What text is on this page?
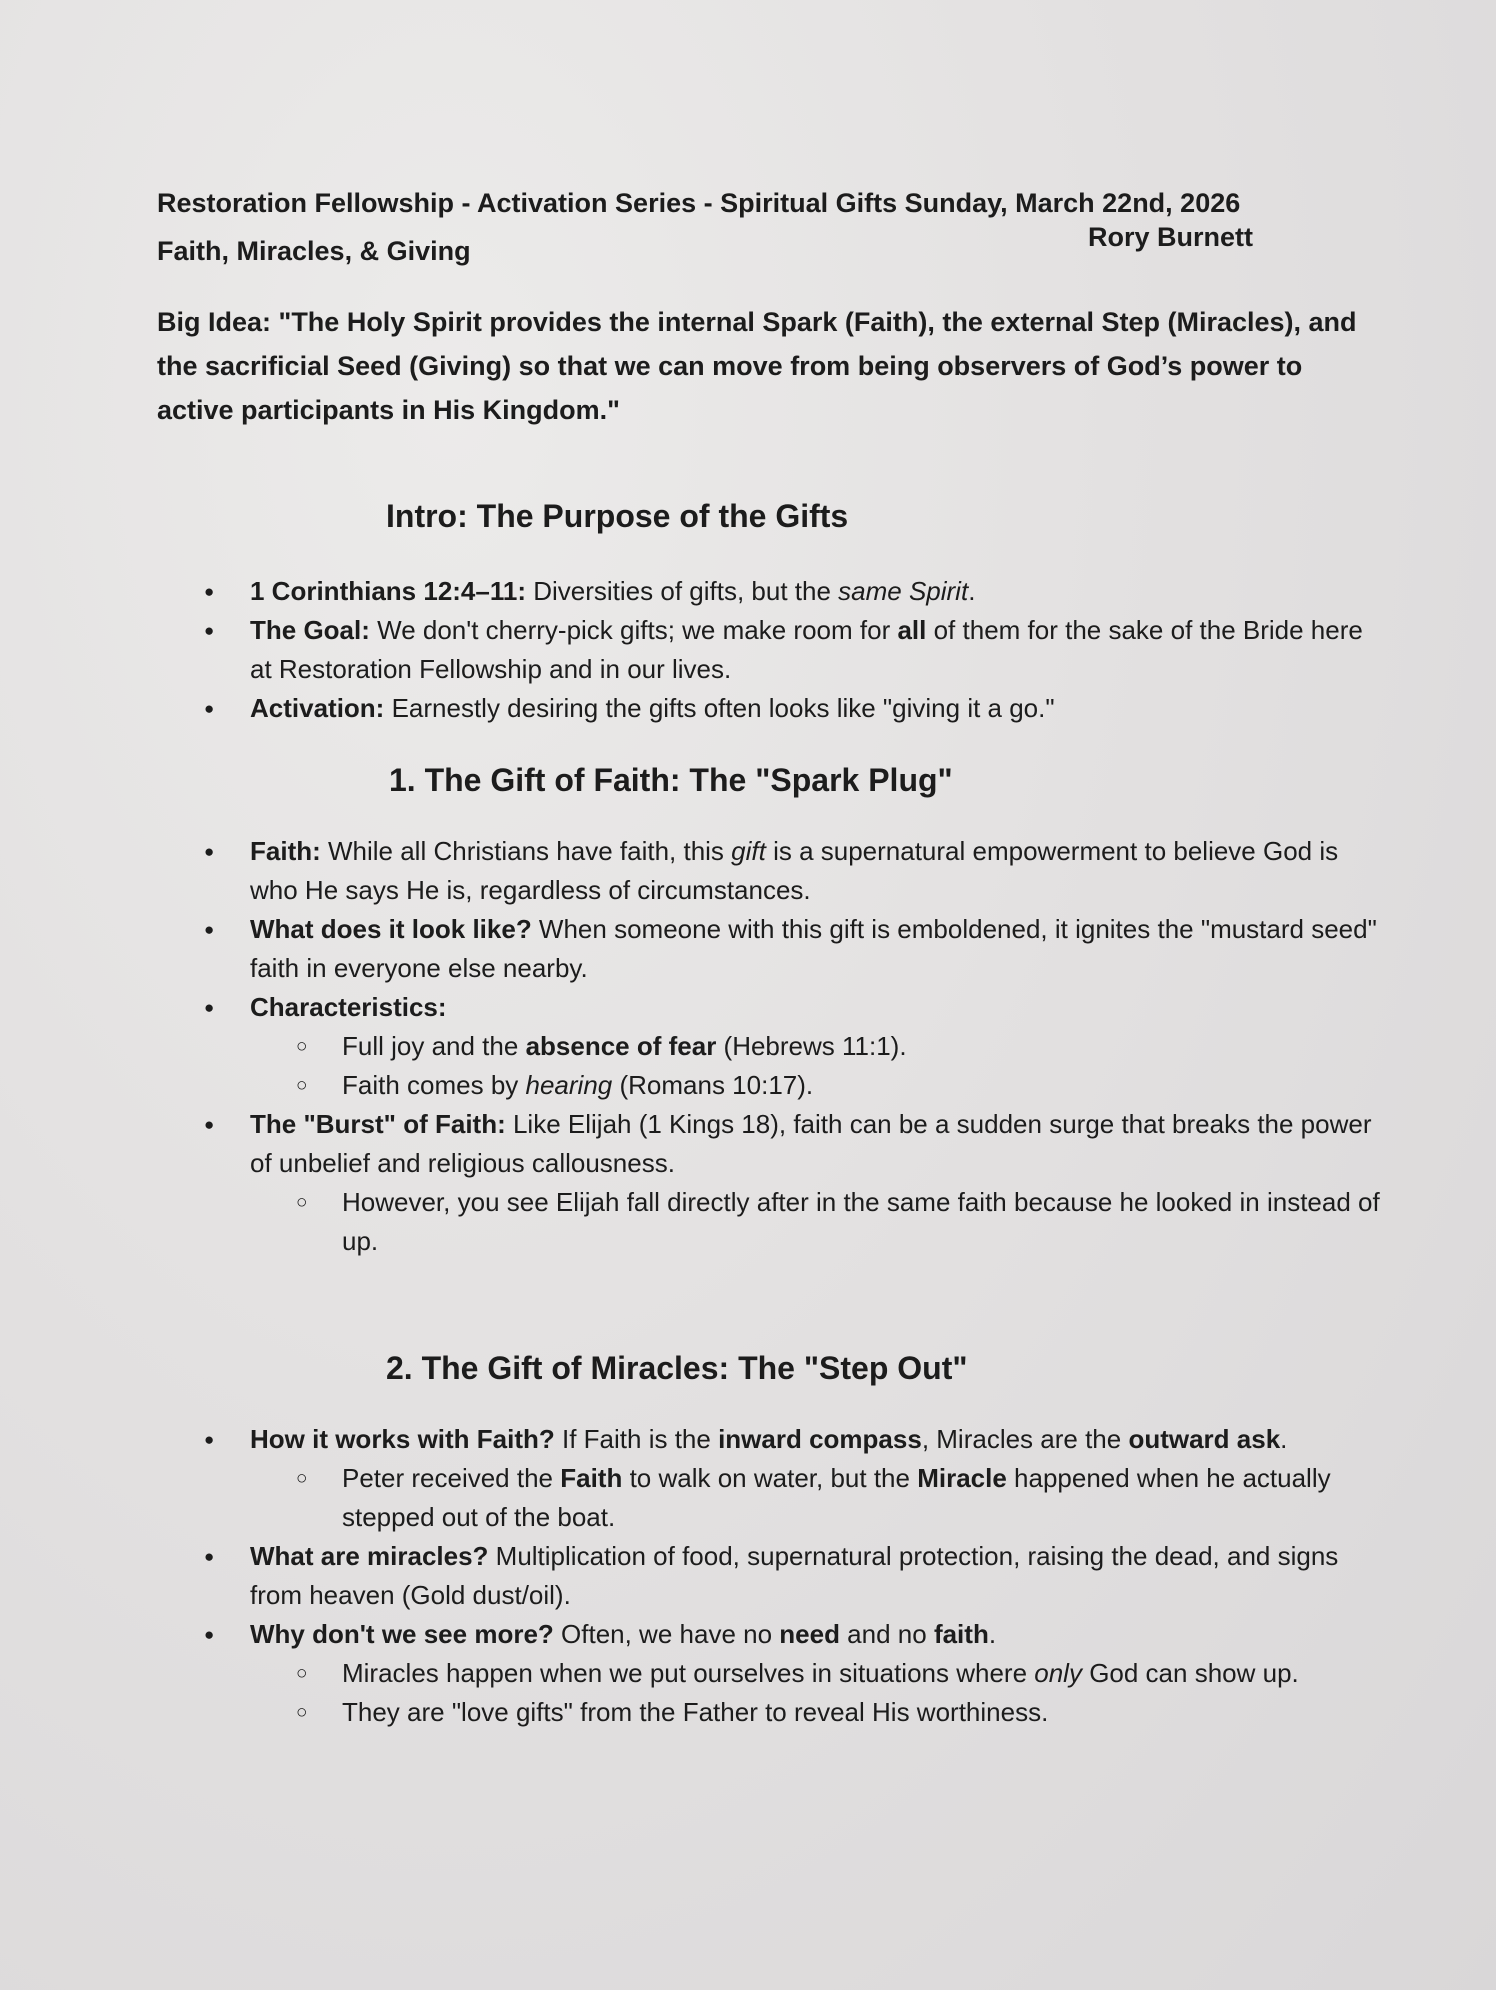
Restoration Fellowship - Activation Series - Spiritual Gifts Sunday, March 22nd, 2026
Faith, Miracles, & Giving	Rory Burnett
Big Idea: "The Holy Spirit provides the internal Spark (Faith), the external Step (Miracles), and the sacrificial Seed (Giving) so that we can move from being observers of God’s power to active participants in His Kingdom."
Intro: The Purpose of the Gifts
● 1 Corinthians 12:4–11: Diversities of gifts, but the same Spirit.
● The Goal: We don't cherry-pick gifts; we make room for all of them for the sake of the Bride here at Restoration Fellowship and in our lives.
● Activation: Earnestly desiring the gifts often looks like "giving it a go."
1. The Gift of Faith: The "Spark Plug"
● Faith: While all Christians have faith, this gift is a supernatural empowerment to believe God is who He says He is, regardless of circumstances.
● What does it look like? When someone with this gift is emboldened, it ignites the "mustard seed" faith in everyone else nearby.
● Characteristics:
○ Full joy and the absence of fear (Hebrews 11:1).
○ Faith comes by hearing (Romans 10:17).
● The "Burst" of Faith: Like Elijah (1 Kings 18), faith can be a sudden surge that breaks the power of unbelief and religious callousness.
○ However, you see Elijah fall directly after in the same faith because he looked in instead of up.
2. The Gift of Miracles: The "Step Out"
● How it works with Faith? If Faith is the inward compass, Miracles are the outward ask.
○ Peter received the Faith to walk on water, but the Miracle happened when he actually stepped out of the boat.
● What are miracles? Multiplication of food, supernatural protection, raising the dead, and signs from heaven (Gold dust/oil).
● Why don't we see more? Often, we have no need and no faith.
○ Miracles happen when we put ourselves in situations where only God can show up.
○ They are "love gifts" from the Father to reveal His worthiness.
